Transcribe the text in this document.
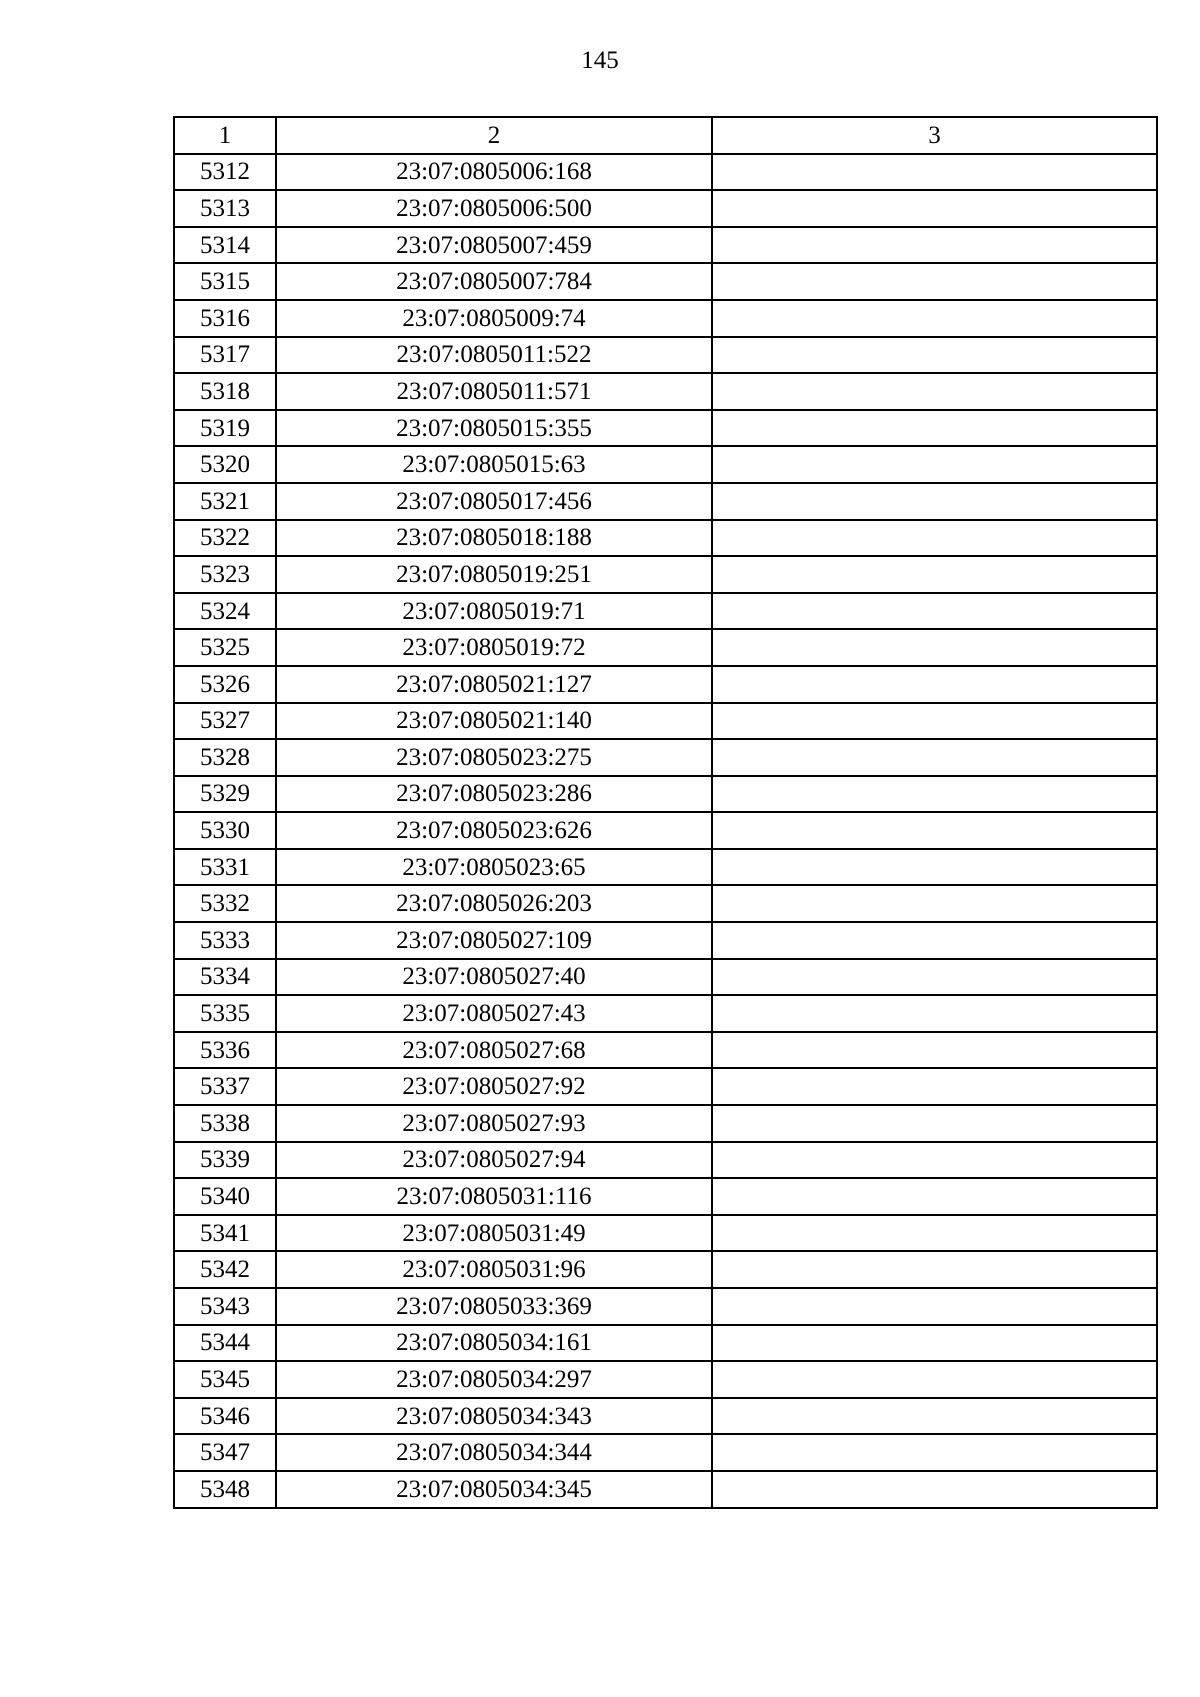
145
1	2	3
5312	23:07:0805006:168	
5313	23:07:0805006:500	
5314	23:07:0805007:459	
5315	23:07:0805007:784	
5316	23:07:0805009:74	
5317	23:07:0805011:522	
5318	23:07:0805011:571	
5319	23:07:0805015:355	
5320	23:07:0805015:63	
5321	23:07:0805017:456	
5322	23:07:0805018:188	
5323	23:07:0805019:251	
5324	23:07:0805019:71	
5325	23:07:0805019:72	
5326	23:07:0805021:127	
5327	23:07:0805021:140	
5328	23:07:0805023:275	
5329	23:07:0805023:286	
5330	23:07:0805023:626	
5331	23:07:0805023:65	
5332	23:07:0805026:203	
5333	23:07:0805027:109	
5334	23:07:0805027:40	
5335	23:07:0805027:43	
5336	23:07:0805027:68	
5337	23:07:0805027:92	
5338	23:07:0805027:93	
5339	23:07:0805027:94	
5340	23:07:0805031:116	
5341	23:07:0805031:49	
5342	23:07:0805031:96	
5343	23:07:0805033:369	
5344	23:07:0805034:161	
5345	23:07:0805034:297	
5346	23:07:0805034:343	
5347	23:07:0805034:344	
5348	23:07:0805034:345	
